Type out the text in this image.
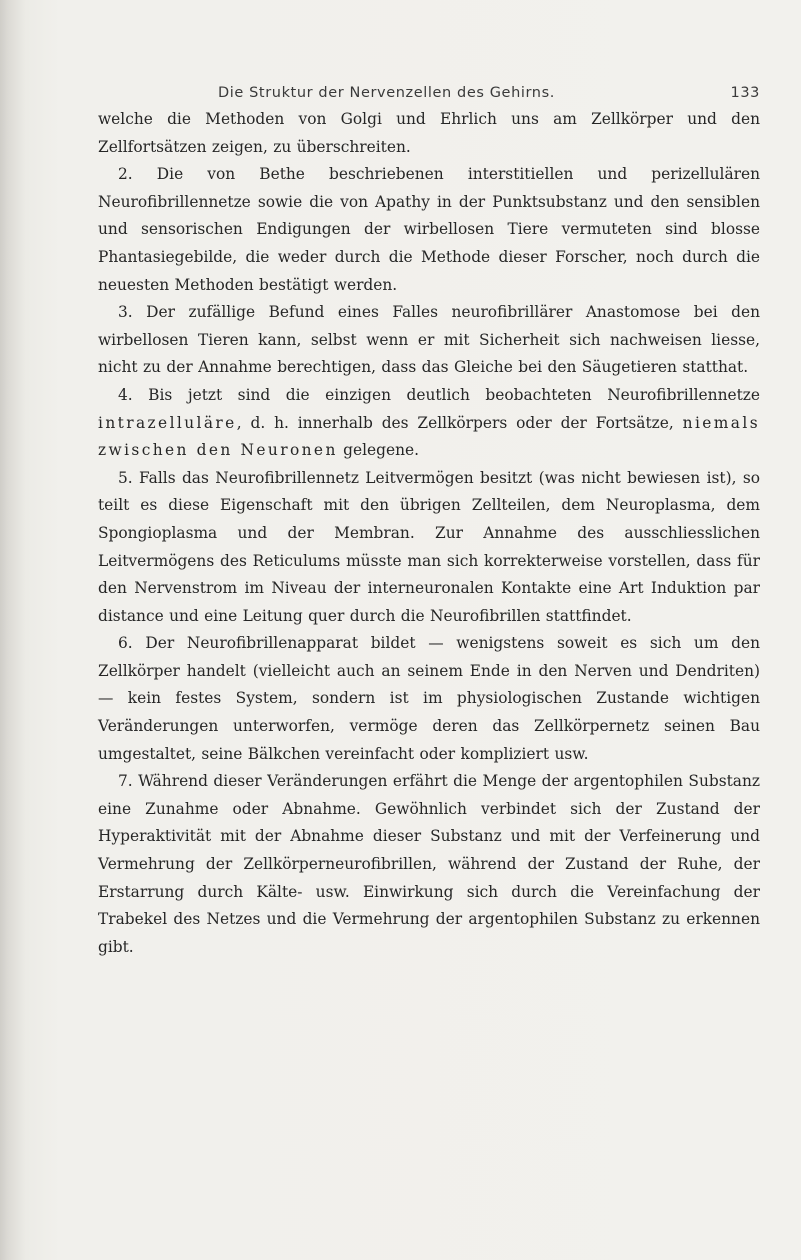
Die Struktur der Nervenzellen des Gehirns.	133

welche die Methoden von Golgi und Ehrlich uns am Zellkörper und den Zellfortsätzen zeigen, zu überschreiten.

2. Die von Bethe beschriebenen interstitiellen und perizellulären Neurofibrillennetze sowie die von Apathy in der Punktsubstanz und den sensiblen und sensorischen Endigungen der wirbellosen Tiere vermuteten sind blosse Phantasiegebilde, die weder durch die Methode dieser Forscher, noch durch die neuesten Methoden bestätigt werden.

3. Der zufällige Befund eines Falles neurofibrillärer Anastomose bei den wirbellosen Tieren kann, selbst wenn er mit Sicherheit sich nachweisen liesse, nicht zu der Annahme berechtigen, dass das Gleiche bei den Säugetieren statthat.

4. Bis jetzt sind die einzigen deutlich beobachteten Neurofibrillennetze intrazelluläre, d. h. innerhalb des Zellkörpers oder der Fortsätze, niemals zwischen den Neuronen gelegene.

5. Falls das Neurofibrillennetz Leitvermögen besitzt (was nicht bewiesen ist), so teilt es diese Eigenschaft mit den übrigen Zellteilen, dem Neuroplasma, dem Spongioplasma und der Membran. Zur Annahme des ausschliesslichen Leitvermögens des Reticulums müsste man sich korrekterweise vorstellen, dass für den Nervenstrom im Niveau der interneuronalen Kontakte eine Art Induktion par distance und eine Leitung quer durch die Neurofibrillen stattfindet.

6. Der Neurofibrillenapparat bildet — wenigstens soweit es sich um den Zellkörper handelt (vielleicht auch an seinem Ende in den Nerven und Dendriten) — kein festes System, sondern ist im physiologischen Zustande wichtigen Veränderungen unterworfen, vermöge deren das Zellkörpernetz seinen Bau umgestaltet, seine Bälkchen vereinfacht oder kompliziert usw.

7. Während dieser Veränderungen erfährt die Menge der argentophilen Substanz eine Zunahme oder Abnahme. Gewöhnlich verbindet sich der Zustand der Hyperaktivität mit der Abnahme dieser Substanz und mit der Verfeinerung und Vermehrung der Zellkörperneurofibrillen, während der Zustand der Ruhe, der Erstarrung durch Kälte- usw. Einwirkung sich durch die Vereinfachung der Trabekel des Netzes und die Vermehrung der argentophilen Substanz zu erkennen gibt.
